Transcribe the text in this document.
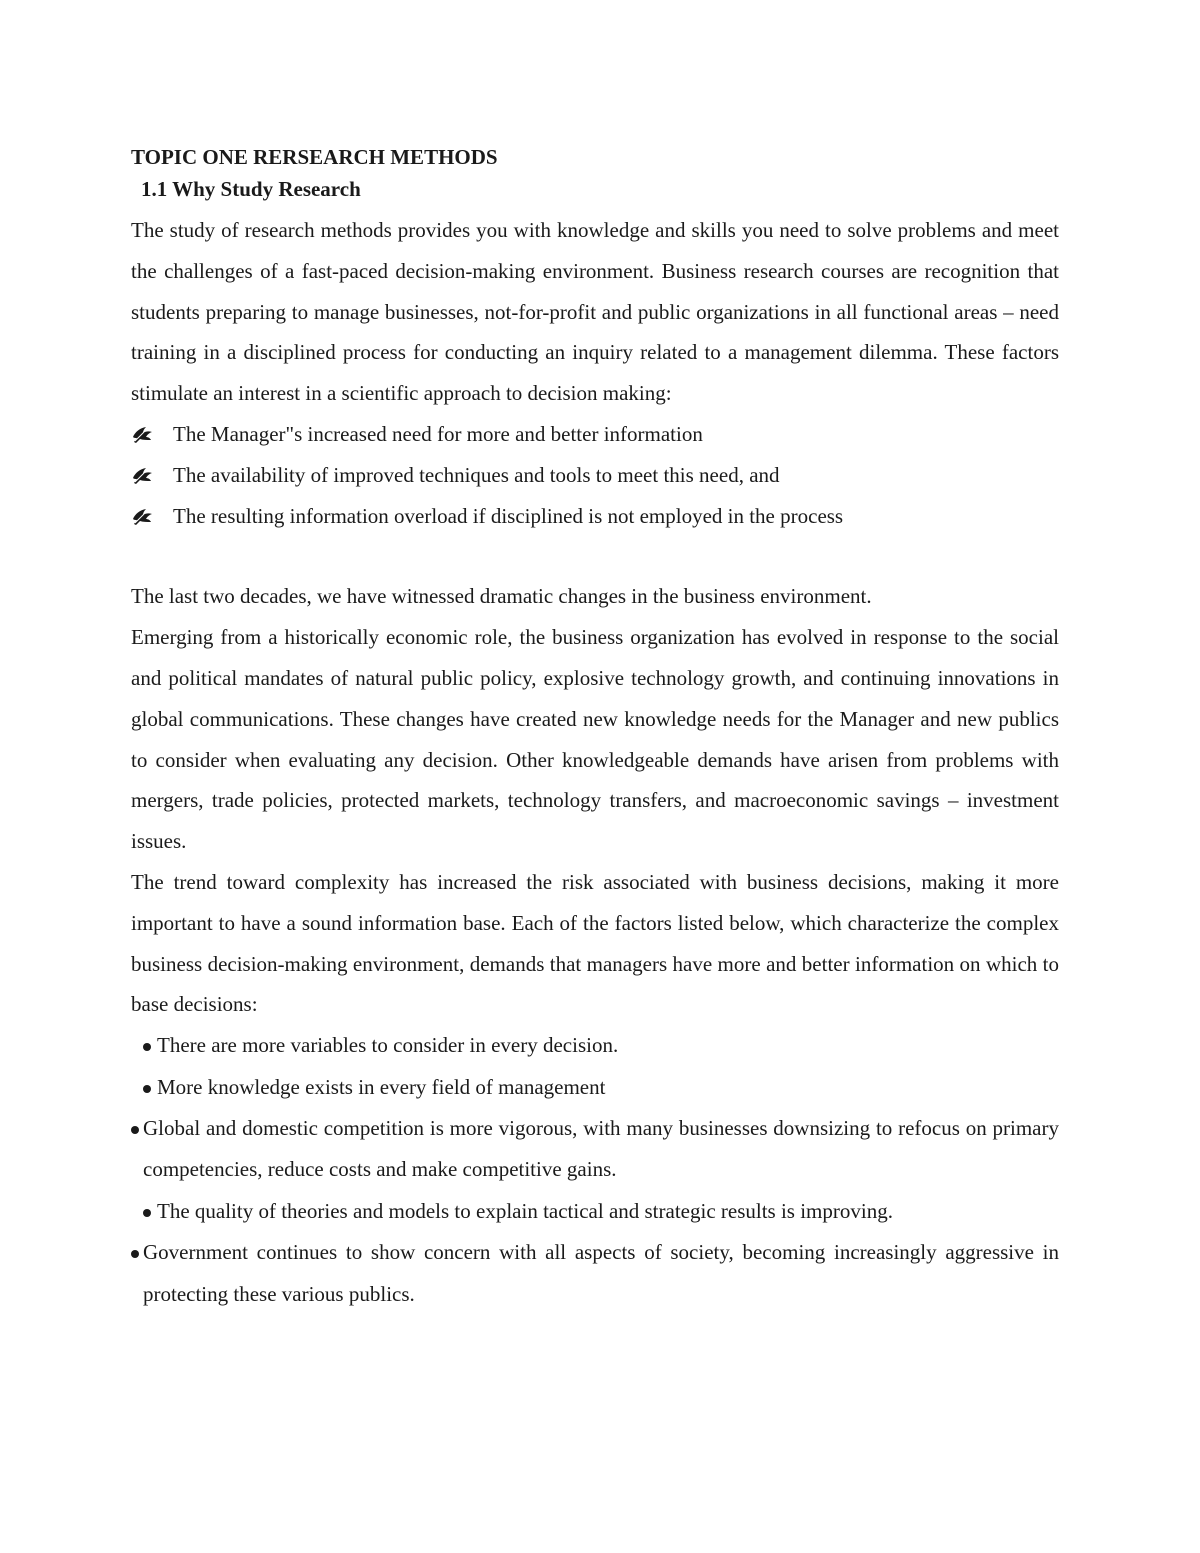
TOPIC ONE RERSEARCH METHODS
1.1 Why Study Research

The study of research methods provides you with knowledge and skills you need to solve problems and meet the challenges of a fast-paced decision-making environment. Business research courses are recognition that students preparing to manage businesses, not-for-profit and public organizations in all functional areas – need training in a disciplined process for conducting an inquiry related to a management dilemma. These factors stimulate an interest in a scientific approach to decision making:

The Manager"s increased need for more and better information
The availability of improved techniques and tools to meet this need, and
The resulting information overload if disciplined is not employed in the process

The last two decades, we have witnessed dramatic changes in the business environment.

Emerging from a historically economic role, the business organization has evolved in response to the social and political mandates of natural public policy, explosive technology growth, and continuing innovations in global communications. These changes have created new knowledge needs for the Manager and new publics to consider when evaluating any decision. Other knowledgeable demands have arisen from problems with mergers, trade policies, protected markets, technology transfers, and macroeconomic savings – investment issues.

The trend toward complexity has increased the risk associated with business decisions, making it more important to have a sound information base. Each of the factors listed below, which characterize the complex business decision-making environment, demands that managers have more and better information on which to base decisions:

There are more variables to consider in every decision.
More knowledge exists in every field of management
Global and domestic competition is more vigorous, with many businesses downsizing to refocus on primary competencies, reduce costs and make competitive gains.
The quality of theories and models to explain tactical and strategic results is improving.
Government continues to show concern with all aspects of society, becoming increasingly aggressive in protecting these various publics.
